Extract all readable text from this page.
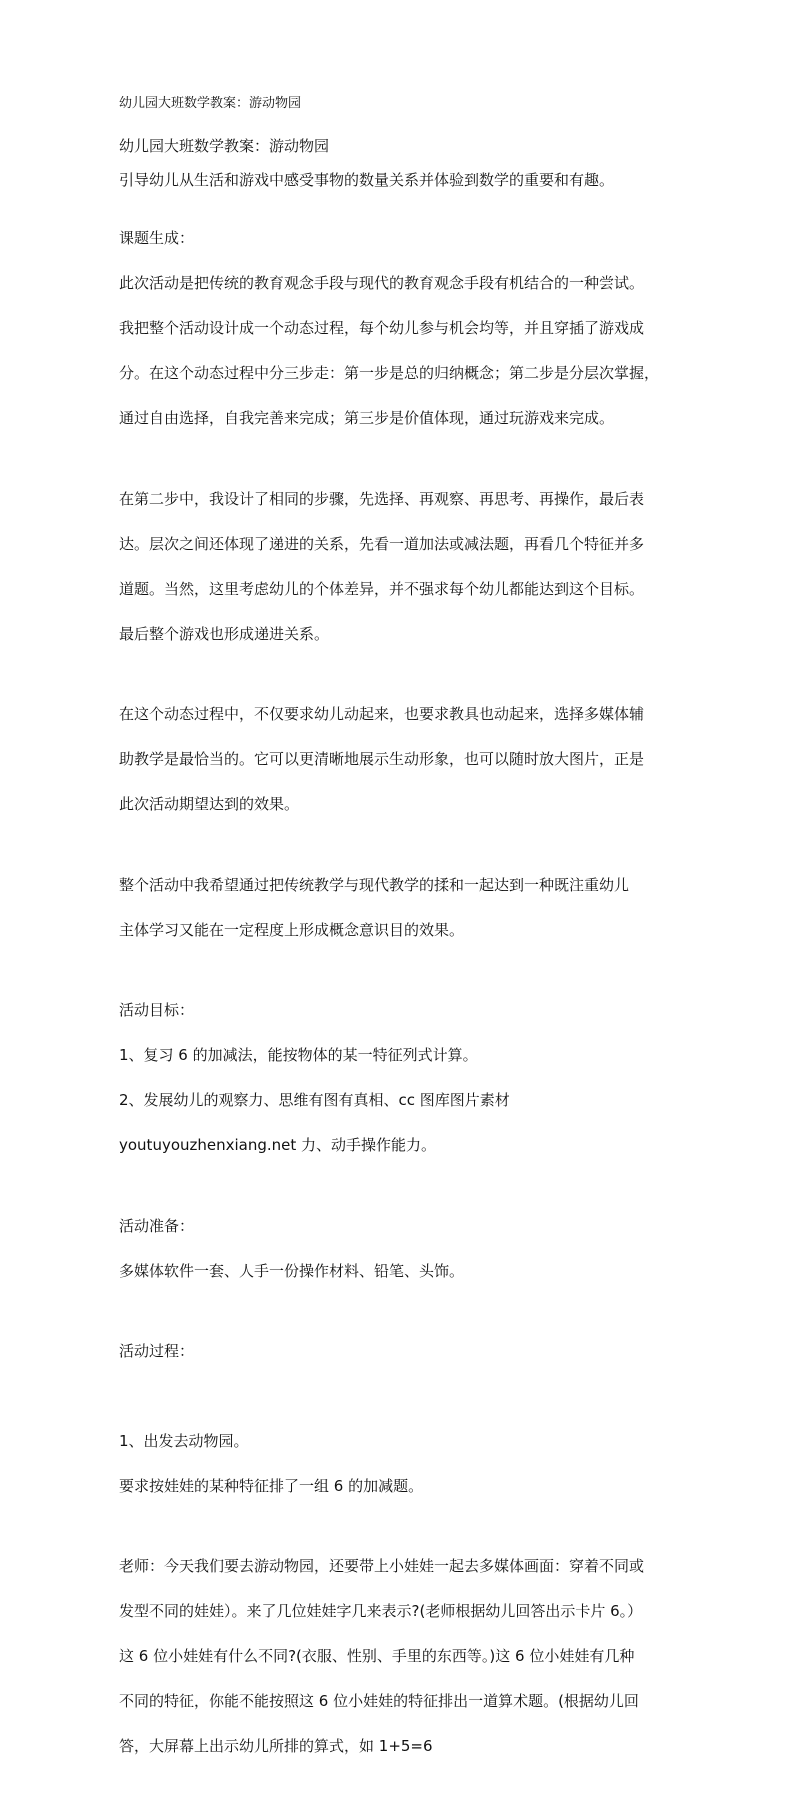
幼儿园大班数学教案：游动物园
幼儿园大班数学教案：游动物园
引导幼儿从生活和游戏中感受事物的数量关系并体验到数学的重要和有趣。

课题生成：

此次活动是把传统的教育观念手段与现代的教育观念手段有机结合的一种尝试。

我把整个活动设计成一个动态过程，每个幼儿参与机会均等，并且穿插了游戏成

分。在这个动态过程中分三步走：第一步是总的归纳概念；第二步是分层次掌握，

通过自由选择，自我完善来完成；第三步是价值体现，通过玩游戏来完成。

在第二步中，我设计了相同的步骤，先选择、再观察、再思考、再操作，最后表

达。层次之间还体现了递进的关系，先看一道加法或减法题，再看几个特征并多

道题。当然，这里考虑幼儿的个体差异，并不强求每个幼儿都能达到这个目标。

最后整个游戏也形成递进关系。

在这个动态过程中，不仅要求幼儿动起来，也要求教具也动起来，选择多媒体辅

助教学是最恰当的。它可以更清晰地展示生动形象，也可以随时放大图片，正是

此次活动期望达到的效果。

整个活动中我希望通过把传统教学与现代教学的揉和一起达到一种既注重幼儿

主体学习又能在一定程度上形成概念意识目的效果。

活动目标：

1、复习 6 的加减法，能按物体的某一特征列式计算。

2、发展幼儿的观察力、思维有图有真相、cc 图库图片素材

youtuyouzhenxiang.net 力、动手操作能力。

活动准备：

多媒体软件一套、人手一份操作材料、铅笔、头饰。

活动过程：

1、出发去动物园。

要求按娃娃的某种特征排了一组 6 的加减题。

老师：今天我们要去游动物园，还要带上小娃娃一起去多媒体画面：穿着不同或

发型不同的娃娃）。来了几位娃娃字几来表示?(老师根据幼儿回答出示卡片 6。）

这 6 位小娃娃有什么不同?(衣服、性别、手里的东西等。)这 6 位小娃娃有几种

不同的特征，你能不能按照这 6 位小娃娃的特征排出一道算术题。(根据幼儿回

答，大屏幕上出示幼儿所排的算式，如 1+5=6
